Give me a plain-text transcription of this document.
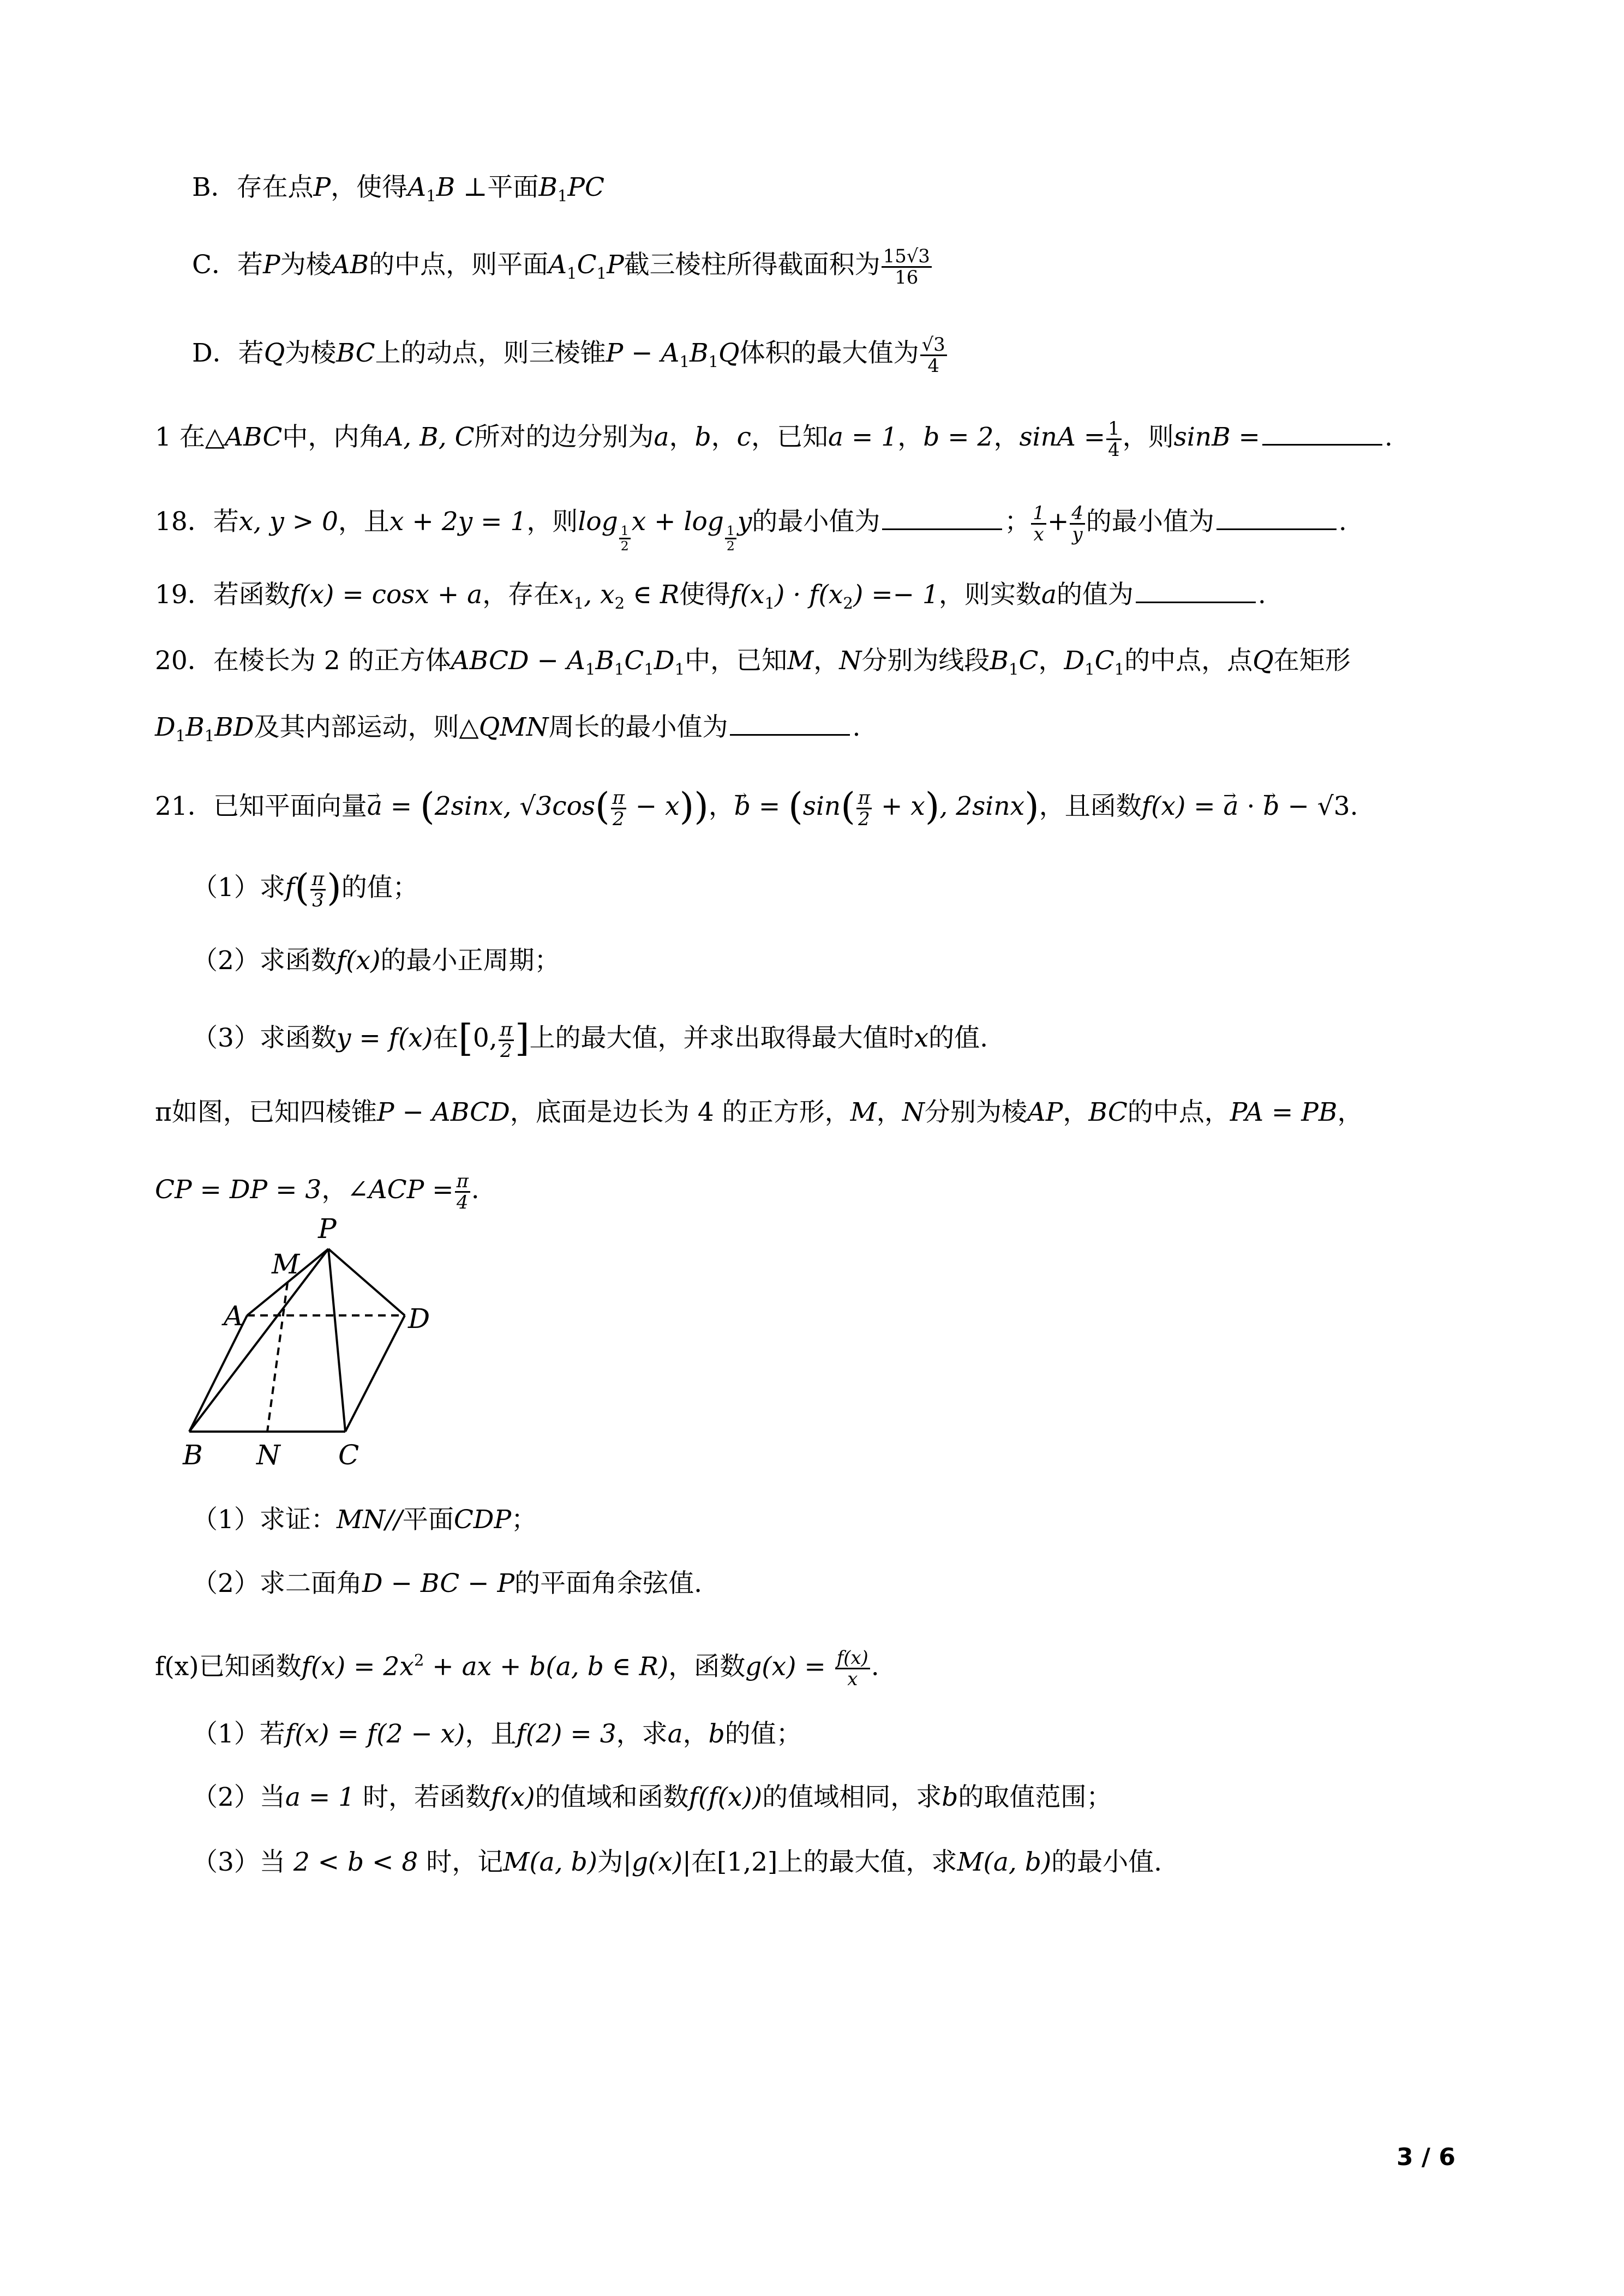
B．存在点P，使得$A_1B$ ⊥平面$B_1PC$
C．若P为棱AB的中点，则平面$A_1C_1P$截三棱柱所得截面积为 $\frac{15√3}{16}$
D．若Q为棱BC上的动点，则三棱锥$P - A_1B_1Q$体积的最大值为 $\frac{√3}{4}$
1 在△ABC中，内角A, B, C所对的边分别为a，b，c，已知a = 1，b = 2，$\sin A = \frac{1}{4}$ ，则sinB =	.
18．若x, y > 0，且x + 2y = 1，则log
$\frac{1}{2}$
x + log
$\frac{1}{2}$
y的最小值为	； $\frac{1}{x} + \frac{4}{y}$ 的最小值为	.
19．若函数f(x) = cosx + a，存在$x_1$, $x_2$ ∈ R使得$f(x_1) \cdot f(x_2) =- 1$，则实数a的值为	.
20．在棱长为 2 的正方体ABCD − $A_1B_1C_1D_1$中，已知M，N分别为线段$B_1C$，$D_1C_1$的中点，点Q在矩形
$D_1B_1BD$及其内部运动，则△QMN周长的最小值为	.
21．已知平面向量→ a = (2sinx, $√3\cos( \frac{\pi}{2} - x)$)，→ $b = (\sin( \frac{\pi}{2} + x)$, 2sinx)，且函数f(x) = → a · → b − √3.
（1）求$f( \frac{\pi}{3}$ )的值；
（2）求函数f(x)的最小正周期；
（3）求函数y = f(x)在[0, $\frac{\pi}{2}$ ]上的最大值，并求出取得最大值时x的值.
π如图，已知四棱锥P − ABCD，底面是边长为 4 的正方形，M，N分别为棱AP，BC的中点，PA = PB，
CP = DP = 3，∠ACP = $\frac{\pi}{4}$ .
P
M
A	D
B N C
（1）求证：MN//平面CDP；
（2）求二面角D − BC − P的平面角余弦值.
f(x)已知函数$f(x) = 2x^2$ + ax + b(a, b ∈ R)，函数$g(x) = \frac{f(x)}{x}$ .
（1）若f(x) = f(2 − x)，且f(2) = 3，求a，b的值；
（2）当a = 1 时，若函数f(x)的值域和函数f(f(x))的值域相同，求b的取值范围；
（3）当 2 < b < 8 时，记M(a, b)为|g(x)|在[1,2]上的最大值，求M(a, b)的最小值.
3 / 6
